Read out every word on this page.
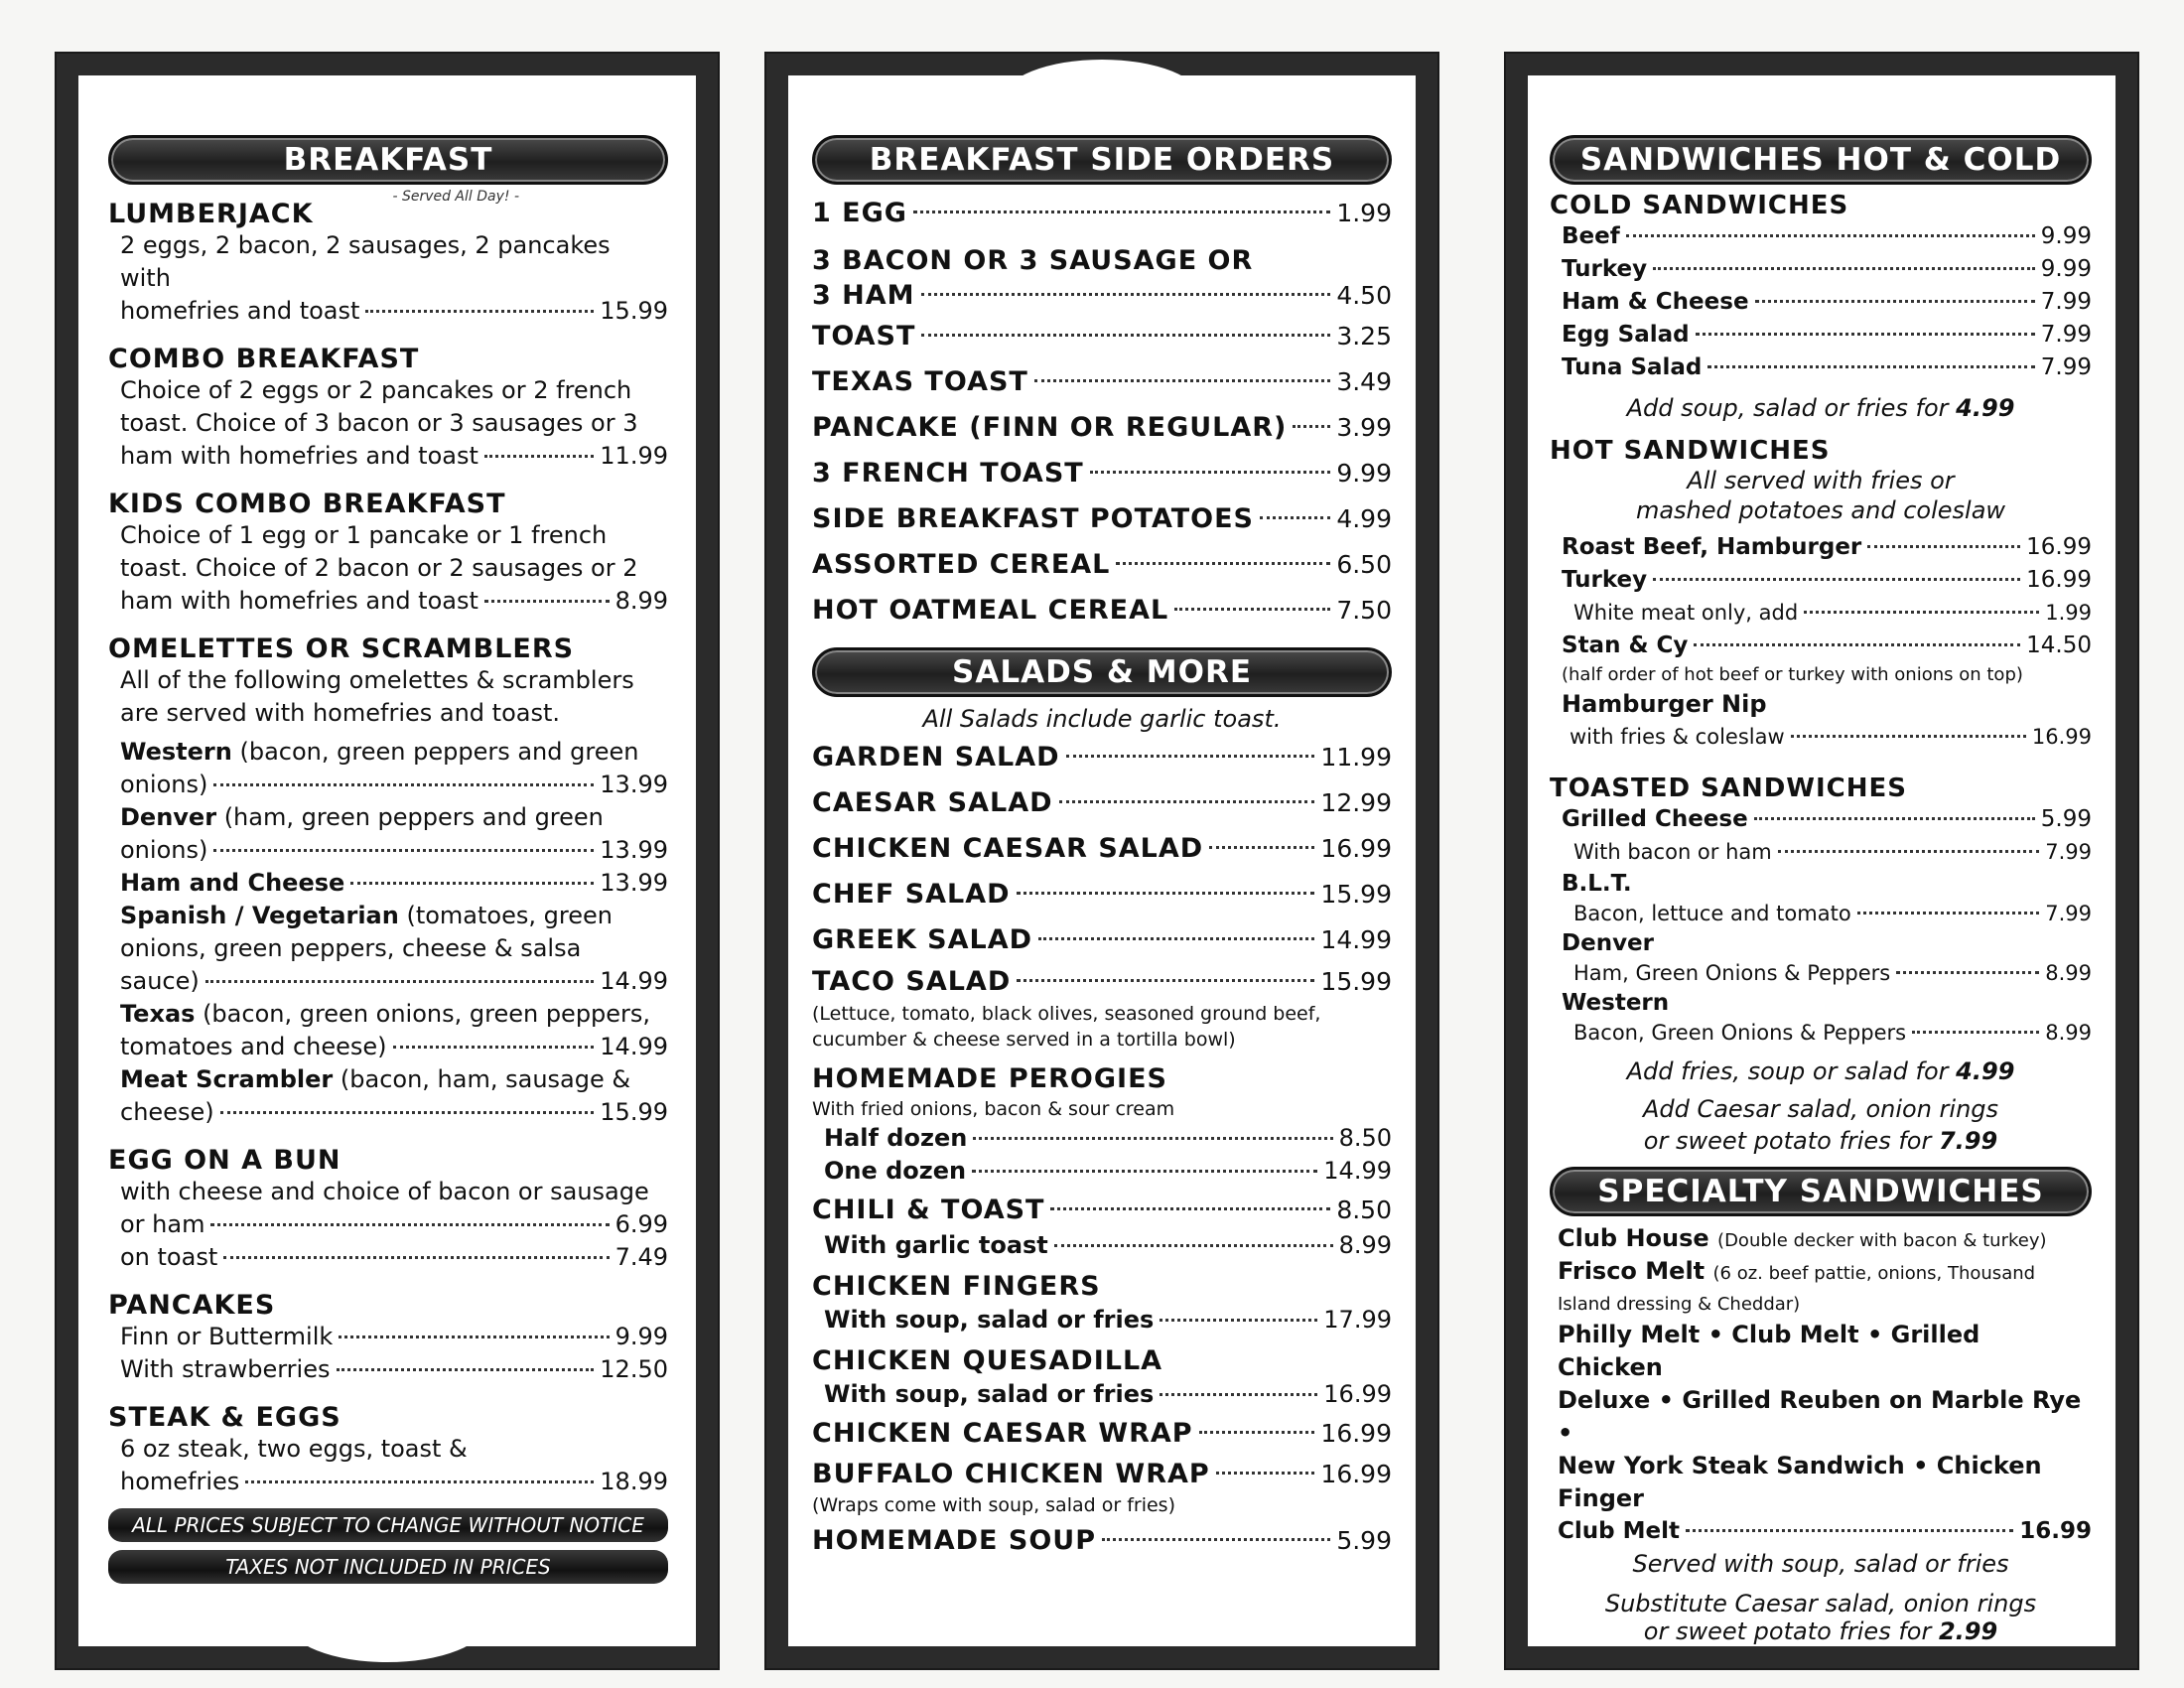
BREAKFAST
- Served All Day! -
LUMBERJACK
2 eggs, 2 bacon, 2 sausages, 2 pancakes with
homefries and toast	15.99
COMBO BREAKFAST
Choice of 2 eggs or 2 pancakes or 2 french toast. Choice of 3 bacon or 3 sausages or 3
ham with homefries and toast	11.99
KIDS COMBO BREAKFAST
Choice of 1 egg or 1 pancake or 1 french toast. Choice of 2 bacon or 2 sausages or 2
ham with homefries and toast	8.99
OMELETTES OR SCRAMBLERS
All of the following omelettes & scramblers are served with homefries and toast.
Western (bacon, green peppers and green
onions)	13.99
Denver (ham, green peppers and green
onions)	13.99
Ham and Cheese	13.99
Spanish / Vegetarian (tomatoes, green onions, green peppers, cheese & salsa
sauce)	14.99
Texas (bacon, green onions, green peppers,
tomatoes and cheese)	14.99
Meat Scrambler (bacon, ham, sausage &
cheese)	15.99
EGG ON A BUN
with cheese and choice of bacon or sausage
or ham	6.99
on toast	7.49
PANCAKES
Finn or Buttermilk	9.99
With strawberries	12.50
STEAK & EGGS
6 oz steak, two eggs, toast &
homefries	18.99
ALL PRICES SUBJECT TO CHANGE WITHOUT NOTICE
TAXES NOT INCLUDED IN PRICES
BREAKFAST SIDE ORDERS
1 EGG	1.99
3 BACON OR 3 SAUSAGE OR
3 HAM	4.50
TOAST	3.25
TEXAS TOAST	3.49
PANCAKE (FINN OR REGULAR) 3.99
3 FRENCH TOAST	9.99
SIDE BREAKFAST POTATOES	4.99
ASSORTED CEREAL	6.50
HOT OATMEAL CEREAL	7.50
SALADS & MORE
All Salads include garlic toast.
GARDEN SALAD	11.99
CAESAR SALAD	12.99
CHICKEN CAESAR SALAD	16.99
CHEF SALAD	15.99
GREEK SALAD	14.99
TACO SALAD	15.99
(Lettuce, tomato, black olives, seasoned ground beef, cucumber & cheese served in a tortilla bowl)
HOMEMADE PEROGIES
With fried onions, bacon & sour cream
Half dozen	8.50
One dozen	14.99
CHILI & TOAST	8.50
With garlic toast	8.99
CHICKEN FINGERS
With soup, salad or fries	17.99
CHICKEN QUESADILLA
With soup, salad or fries	16.99
CHICKEN CAESAR WRAP	16.99
BUFFALO CHICKEN WRAP	16.99
(Wraps come with soup, salad or fries)
HOMEMADE SOUP	5.99
SANDWICHES HOT & COLD
COLD SANDWICHES
Beef	9.99
Turkey	9.99
Ham & Cheese	7.99
Egg Salad	7.99
Tuna Salad	7.99
Add soup, salad or fries for 4.99
HOT SANDWICHES
All served with fries or
mashed potatoes and coleslaw
Roast Beef, Hamburger	16.99
Turkey	16.99
White meat only, add	1.99
Stan & Cy	14.50
(half order of hot beef or turkey with onions on top)
Hamburger Nip
with fries & coleslaw	16.99
TOASTED SANDWICHES
Grilled Cheese	5.99
With bacon or ham	7.99
B.L.T.
Bacon, lettuce and tomato	7.99
Denver
Ham, Green Onions & Peppers	8.99
Western
Bacon, Green Onions & Peppers	8.99
Add fries, soup or salad for 4.99
Add Caesar salad, onion rings
or sweet potato fries for 7.99
SPECIALTY SANDWICHES
Club House (Double decker with bacon & turkey)
Frisco Melt (6 oz. beef pattie, onions, Thousand Island dressing & Cheddar)
Philly Melt • Club Melt • Grilled Chicken
Deluxe • Grilled Reuben on Marble Rye •
New York Steak Sandwich • Chicken Finger
Club Melt	16.99
Served with soup, salad or fries
Substitute Caesar salad, onion rings
or sweet potato fries for 2.99
